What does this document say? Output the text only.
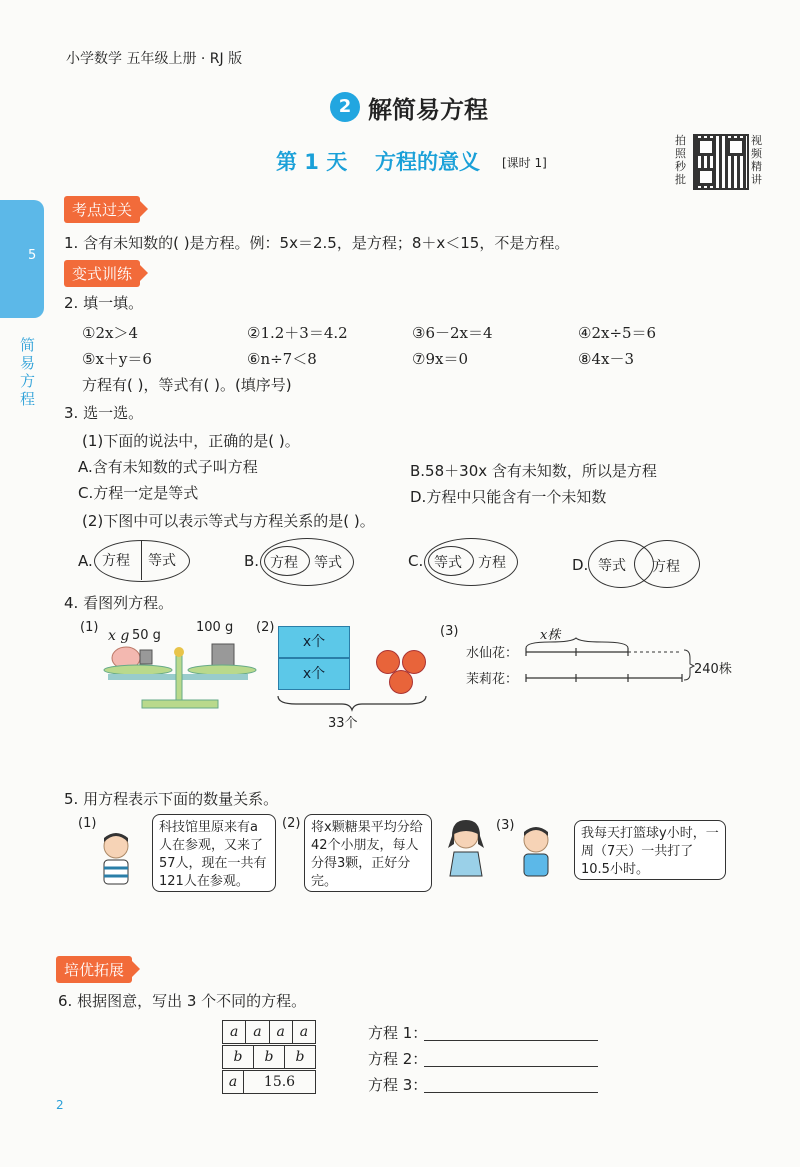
小学数学 五年级上册 · RJ 版
2 解简易方程
第 1 天 方程的意义 [课时 1]
拍照秒批
视频精讲
5
简易方程
考点过关
1. 含有未知数的( )是方程。例：5x＝2.5，是方程；8＋x＜15，不是方程。
变式训练
2. 填一填。
①2x＞4	②1.2＋3＝4.2	③6－2x＝4	④2x÷5＝6
⑤x＋y＝6	⑥n÷7＜8	⑦9x＝0	⑧4x－3
方程有( )，等式有( )。(填序号)
3. 选一选。
(1)下面的说法中，正确的是( )。
A.含有未知数的式子叫方程	B.58＋30x 含有未知数，所以是方程
C.方程一定是等式	D.方程中只能含有一个未知数
(2)下图中可以表示等式与方程关系的是( )。
A. 方程 等式	B. 方程 等式	C. 等式 方程	D. 等式 方程
4. 看图列方程。
(1)
x g 50 g
100 g (2)
x个
x个
33个
(3)	x株
水仙花：
茉莉花：
240株
5. 用方程表示下面的数量关系。
(1)	科技馆里原来有a人在参观，又来了57人，现在一共有121人在参观。
(2) 将x颗糖果平均分给42个小朋友，每人分得3颗，正好分完。
(3)
我每天打篮球y小时，一周（7天）一共打了10.5小时。
培优拓展
6. 根据图意，写出 3 个不同的方程。
a	a	a	a
b	b	b
a	15.6
方程 1：
方程 2：
方程 3：
2
